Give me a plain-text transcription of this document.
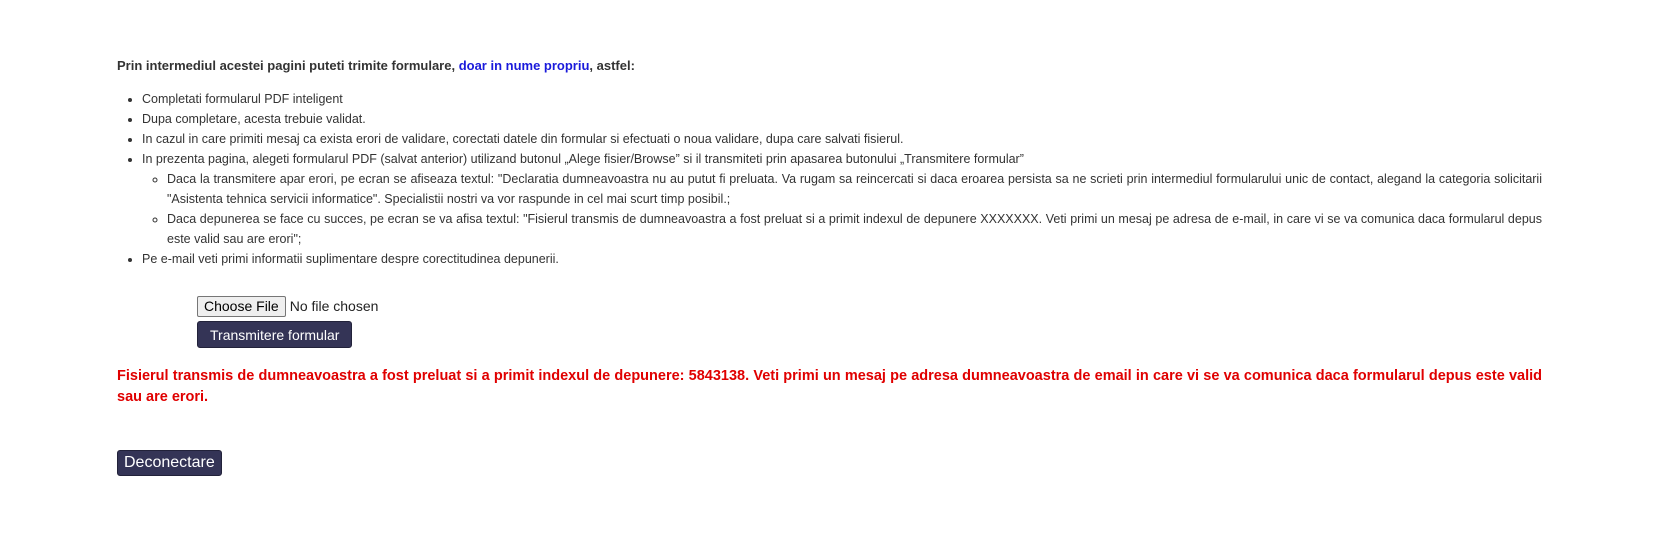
Prin intermediul acestei pagini puteti trimite formulare, doar in nume propriu, astfel:

• Completati formularul PDF inteligent
• Dupa completare, acesta trebuie validat.
• In cazul in care primiti mesaj ca exista erori de validare, corectati datele din formular si efectuati o noua validare, dupa care salvati fisierul.
• In prezenta pagina, alegeti formularul PDF (salvat anterior) utilizand butonul „Alege fisier/Browse” si il transmiteti prin apasarea butonului „Transmitere formular”
◦ Daca la transmitere apar erori, pe ecran se afiseaza textul: "Declaratia dumneavoastra nu au putut fi preluata. Va rugam sa reincercati si daca eroarea persista sa ne scrieti prin intermediul formularului unic de contact, alegand la categoria solicitarii "Asistenta tehnica servicii informatice". Specialistii nostri va vor raspunde in cel mai scurt timp posibil.;
◦ Daca depunerea se face cu succes, pe ecran se va afisa textul: "Fisierul transmis de dumneavoastra a fost preluat si a primit indexul de depunere XXXXXXX. Veti primi un mesaj pe adresa de e-mail, in care vi se va comunica daca formularul depus este valid sau are erori";
• Pe e-mail veti primi informatii suplimentare despre corectitudinea depunerii.
Choose File No file chosen
Transmitere formular
Fisierul transmis de dumneavoastra a fost preluat si a primit indexul de depunere: 5843138. Veti primi un mesaj pe adresa dumneavoastra de email in care vi se va comunica daca formularul depus este valid sau are erori.
Deconectare
